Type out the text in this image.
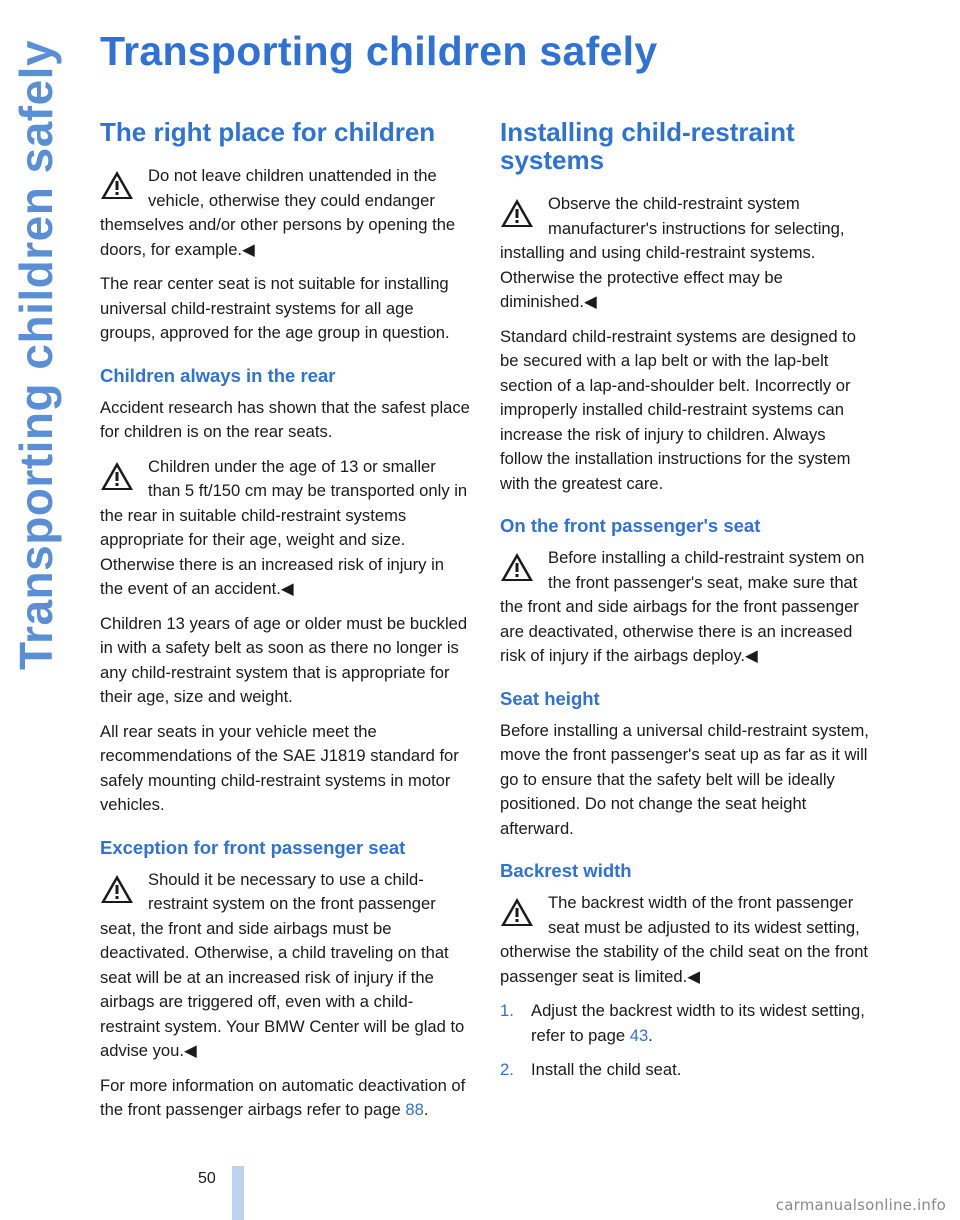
Transporting children safely Transporting children safely
The right place for children
Do not leave children unattended in the vehicle, otherwise they could endanger themselves and/or other persons by opening the doors, for example.◀

The rear center seat is not suitable for installing universal child-restraint systems for all age groups, approved for the age group in question.

Children always in the rear

Accident research has shown that the safest place for children is on the rear seats.

Children under the age of 13 or smaller than 5 ft/150 cm may be transported only in the rear in suitable child-restraint systems appropriate for their age, weight and size. Otherwise there is an increased risk of injury in the event of an accident.◀

Children 13 years of age or older must be buckled in with a safety belt as soon as there no longer is any child-restraint system that is appropriate for their age, size and weight.

All rear seats in your vehicle meet the recommendations of the SAE J1819 standard for safely mounting child-restraint systems in motor vehicles.

Exception for front passenger seat
Should it be necessary to use a child-restraint system on the front passenger seat, the front and side airbags must be deactivated. Otherwise, a child traveling on that seat will be at an increased risk of injury if the airbags are triggered off, even with a child-restraint system. Your BMW Center will be glad to advise you.◀

For more information on automatic deactivation of the front passenger airbags refer to page 88.

Installing child-restraint systems
Observe the child-restraint system manufacturer's instructions for selecting, installing and using child-restraint systems. Otherwise the protective effect may be diminished.◀

Standard child-restraint systems are designed to be secured with a lap belt or with the lap-belt section of a lap-and-shoulder belt. Incorrectly or improperly installed child-restraint systems can increase the risk of injury to children. Always follow the installation instructions for the system with the greatest care.

On the front passenger's seat
Before installing a child-restraint system on the front passenger's seat, make sure that the front and side airbags for the front passenger are deactivated, otherwise there is an increased risk of injury if the airbags deploy.◀
Seat height

Before installing a universal child-restraint system, move the front passenger's seat up as far as it will go to ensure that the safety belt will be ideally positioned. Do not change the seat height afterward.

Backrest width
The backrest width of the front passenger seat must be adjusted to its widest setting, otherwise the stability of the child seat on the front passenger seat is limited.◀
1. Adjust the backrest width to its widest setting, refer to page 43.
2. Install the child seat.
50
carmanualsonline.info
